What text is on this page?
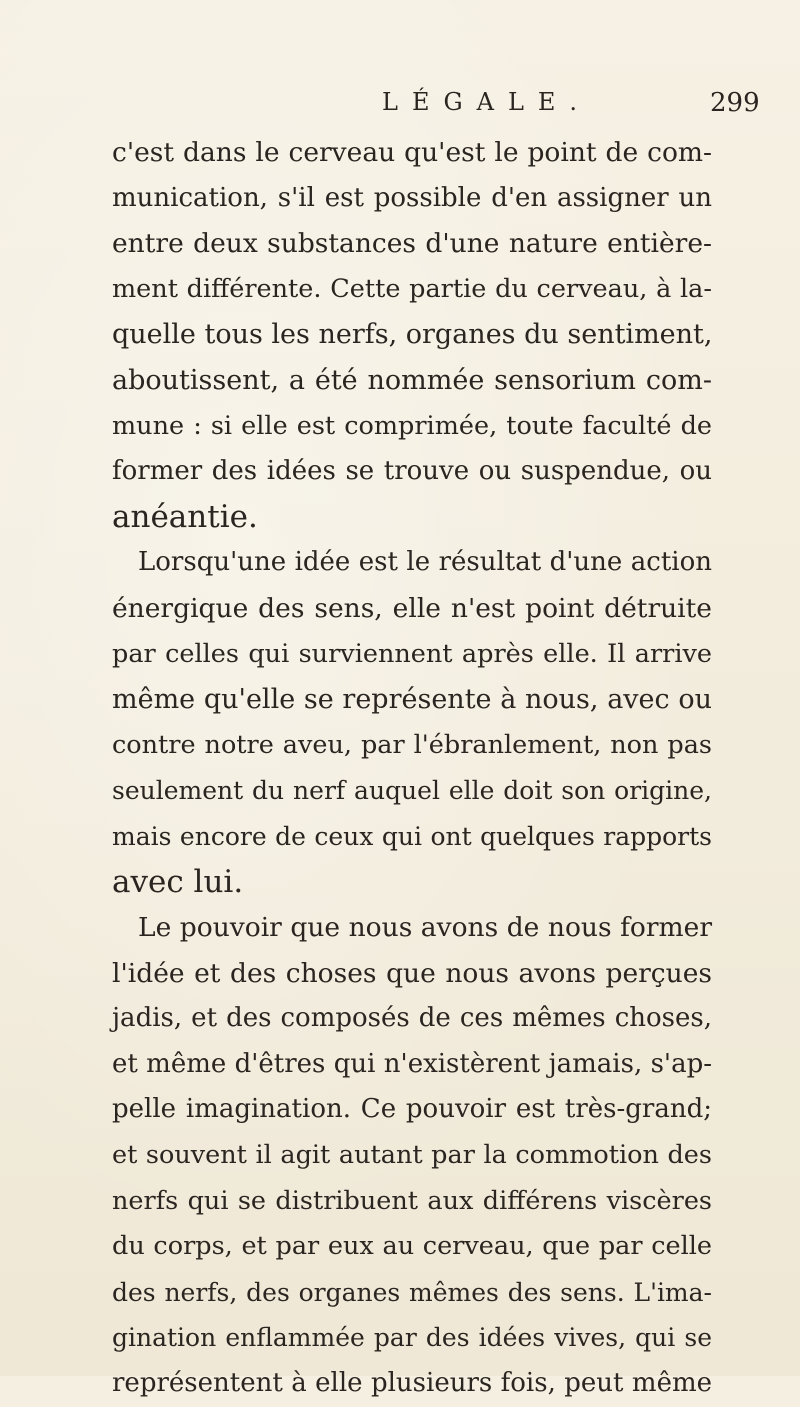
LÉGALE.	299
c'est dans le cerveau qu'est le point de com-
munication, s'il est possible d'en assigner un
entre deux substances d'une nature entière-
ment différente. Cette partie du cerveau, à la-
quelle tous les nerfs, organes du sentiment,
aboutissent, a été nommée sensorium com-
mune : si elle est comprimée, toute faculté de
former des idées se trouve ou suspendue, ou
anéantie.
Lorsqu'une idée est le résultat d'une action
énergique des sens, elle n'est point détruite
par celles qui surviennent après elle. Il arrive
même qu'elle se représente à nous, avec ou
contre notre aveu, par l'ébranlement, non pas
seulement du nerf auquel elle doit son origine,
mais encore de ceux qui ont quelques rapports
avec lui.
Le pouvoir que nous avons de nous former
l'idée et des choses que nous avons perçues
jadis, et des composés de ces mêmes choses,
et même d'êtres qui n'existèrent jamais, s'ap-
pelle imagination. Ce pouvoir est très-grand;
et souvent il agit autant par la commotion des
nerfs qui se distribuent aux différens viscères
du corps, et par eux au cerveau, que par celle
des nerfs, des organes mêmes des sens. L'ima-
gination enflammée par des idées vives, qui se
représentent à elle plusieurs fois, peut même
